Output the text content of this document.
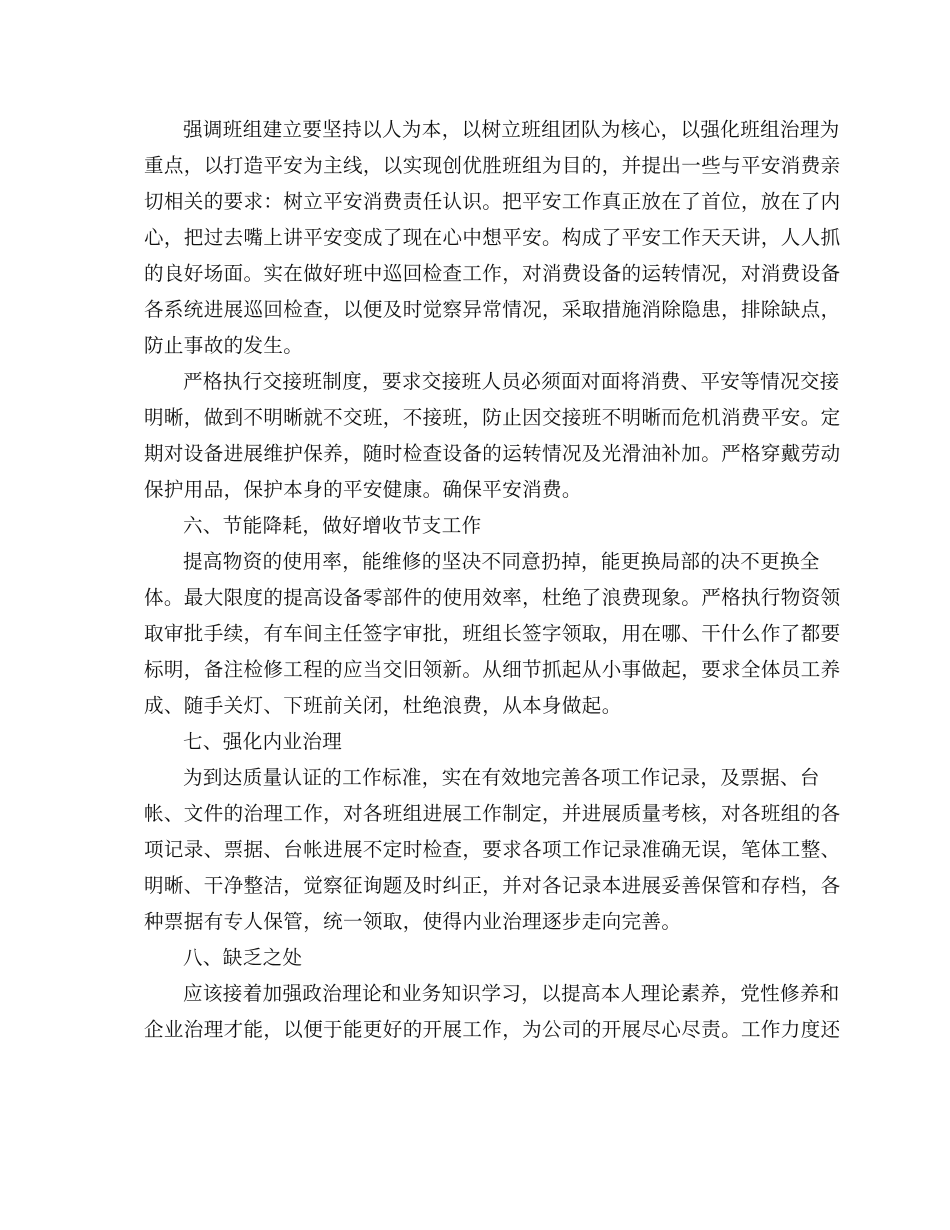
强调班组建立要坚持以人为本，以树立班组团队为核心，以强化班组治理为
重点，以打造平安为主线，以实现创优胜班组为目的，并提出一些与平安消费亲
切相关的要求：树立平安消费责任认识。把平安工作真正放在了首位，放在了内
心，把过去嘴上讲平安变成了现在心中想平安。构成了平安工作天天讲，人人抓
的良好场面。实在做好班中巡回检查工作，对消费设备的运转情况，对消费设备
各系统进展巡回检查，以便及时觉察异常情况，采取措施消除隐患，排除缺点，
防止事故的发生。

严格执行交接班制度，要求交接班人员必须面对面将消费、平安等情况交接
明晰，做到不明晰就不交班，不接班，防止因交接班不明晰而危机消费平安。定
期对设备进展维护保养，随时检查设备的运转情况及光滑油补加。严格穿戴劳动
保护用品，保护本身的平安健康。确保平安消费。

六、节能降耗，做好增收节支工作

提高物资的使用率，能维修的坚决不同意扔掉，能更换局部的决不更换全
体。最大限度的提高设备零部件的使用效率，杜绝了浪费现象。严格执行物资领
取审批手续，有车间主任签字审批，班组长签字领取，用在哪、干什么作了都要
标明，备注检修工程的应当交旧领新。从细节抓起从小事做起，要求全体员工养
成、随手关灯、下班前关闭，杜绝浪费，从本身做起。

七、强化内业治理

为到达质量认证的工作标准，实在有效地完善各项工作记录，及票据、台
帐、文件的治理工作，对各班组进展工作制定，并进展质量考核，对各班组的各
项记录、票据、台帐进展不定时检查，要求各项工作记录准确无误，笔体工整、
明晰、干净整洁，觉察征询题及时纠正，并对各记录本进展妥善保管和存档，各
种票据有专人保管，统一领取，使得内业治理逐步走向完善。

八、缺乏之处

应该接着加强政治理论和业务知识学习，以提高本人理论素养，党性修养和
企业治理才能，以便于能更好的开展工作，为公司的开展尽心尽责。工作力度还
